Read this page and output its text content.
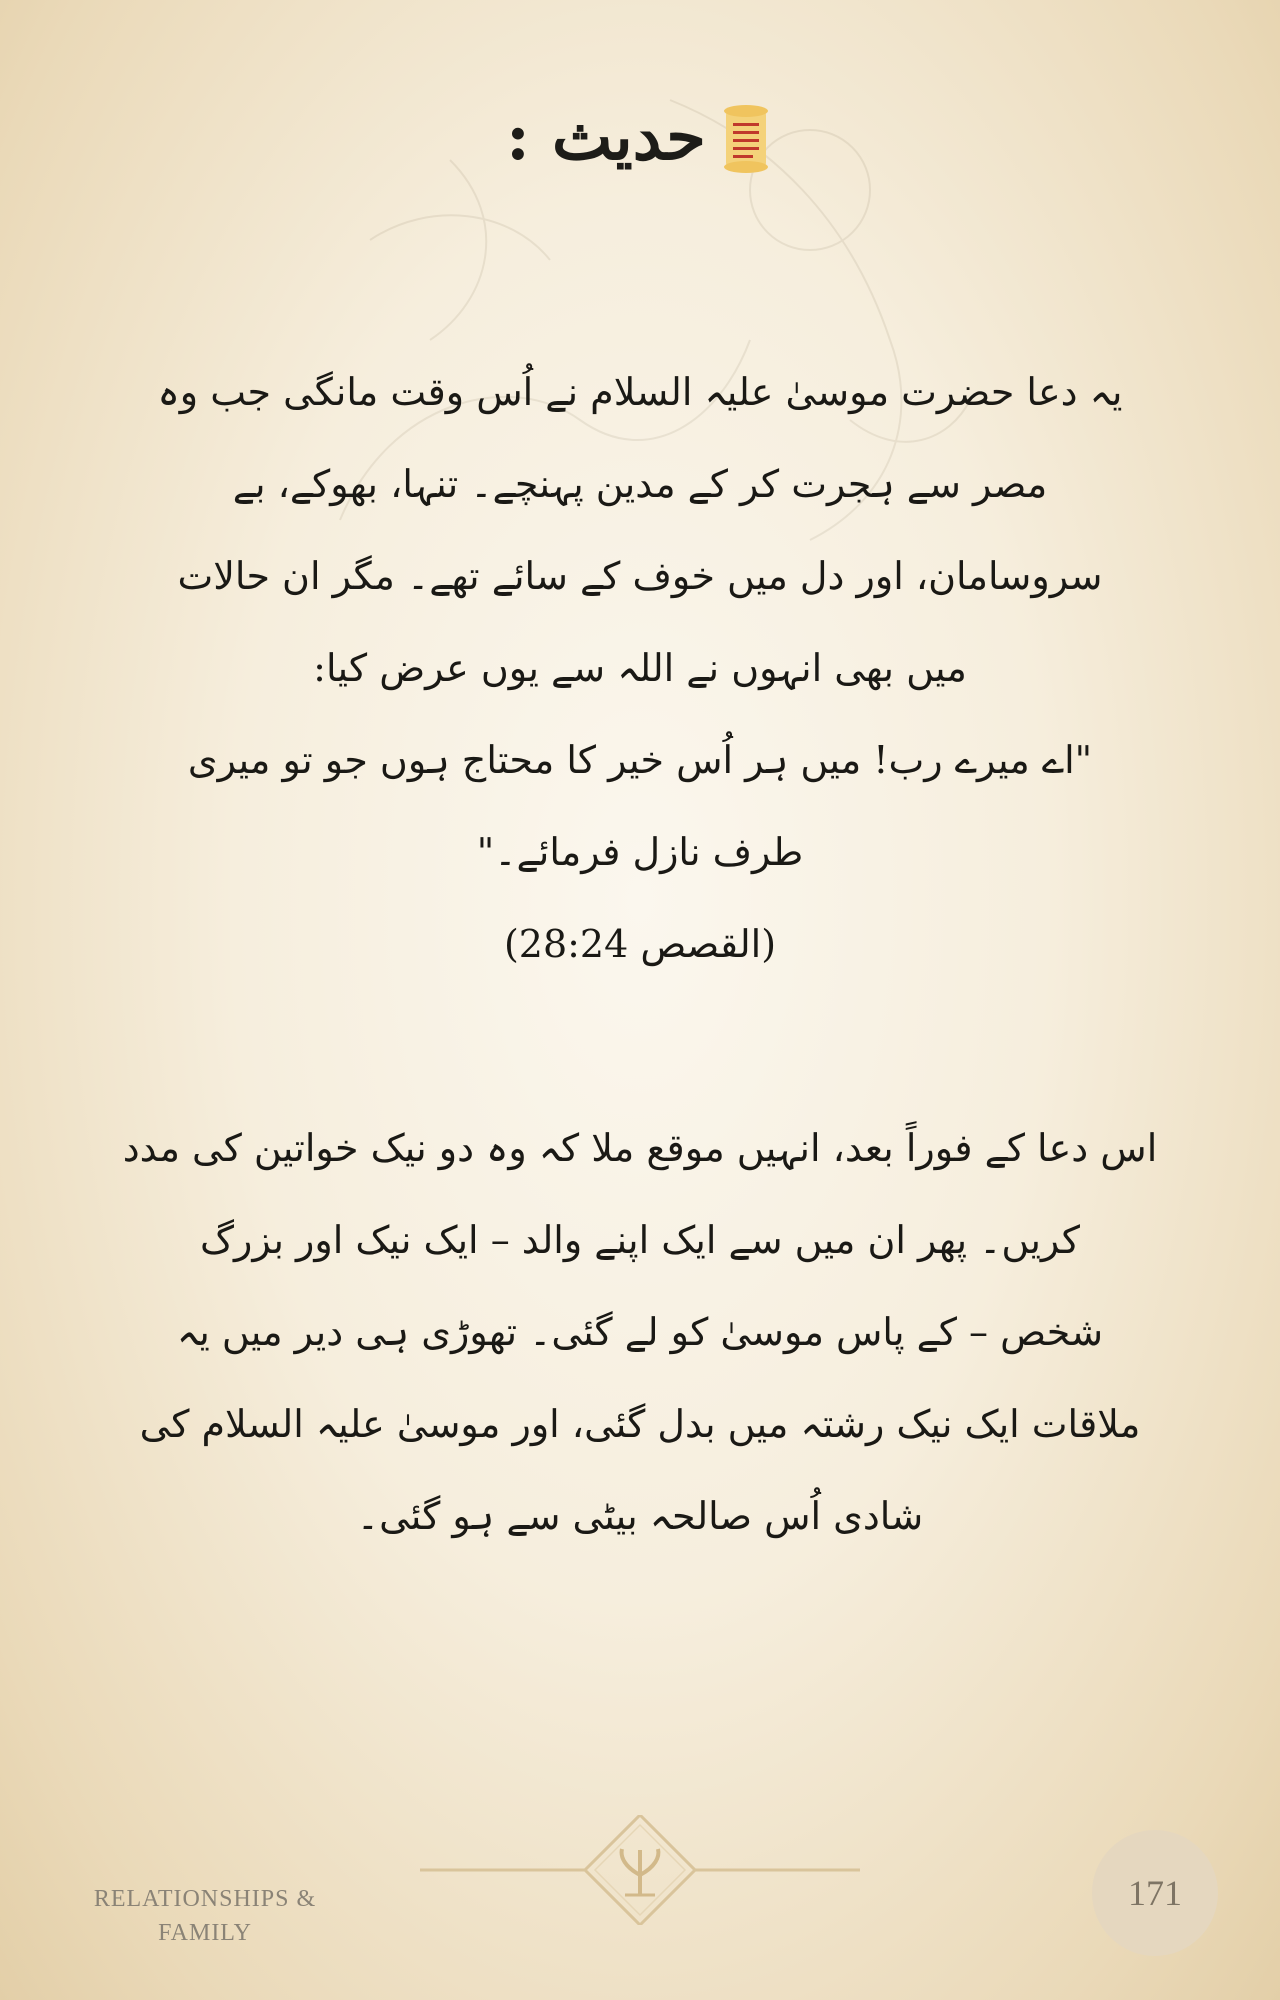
حدیث :

یہ دعا حضرت موسیٰ علیہ السلام نے اُس وقت مانگی جب وہ

مصر سے ہجرت کر کے مدین پہنچے۔ تنہا، بھوکے، بے

سروسامان، اور دل میں خوف کے سائے تھے۔ مگر ان حالات

میں بھی انہوں نے اللہ سے یوں عرض کیا:

"اے میرے رب! میں ہر اُس خیر کا محتاج ہوں جو تو میری

طرف نازل فرمائے۔"

(القصص 28:24)

اس دعا کے فوراً بعد، انہیں موقع ملا کہ وہ دو نیک خواتین کی مدد

کریں۔ پھر ان میں سے ایک اپنے والد – ایک نیک اور بزرگ

شخص – کے پاس موسیٰ کو لے گئی۔ تھوڑی ہی دیر میں یہ

ملاقات ایک نیک رشتہ میں بدل گئی، اور موسیٰ علیہ السلام کی

شادی اُس صالحہ بیٹی سے ہو گئی۔

RELATIONSHIPS &
FAMILY
171
